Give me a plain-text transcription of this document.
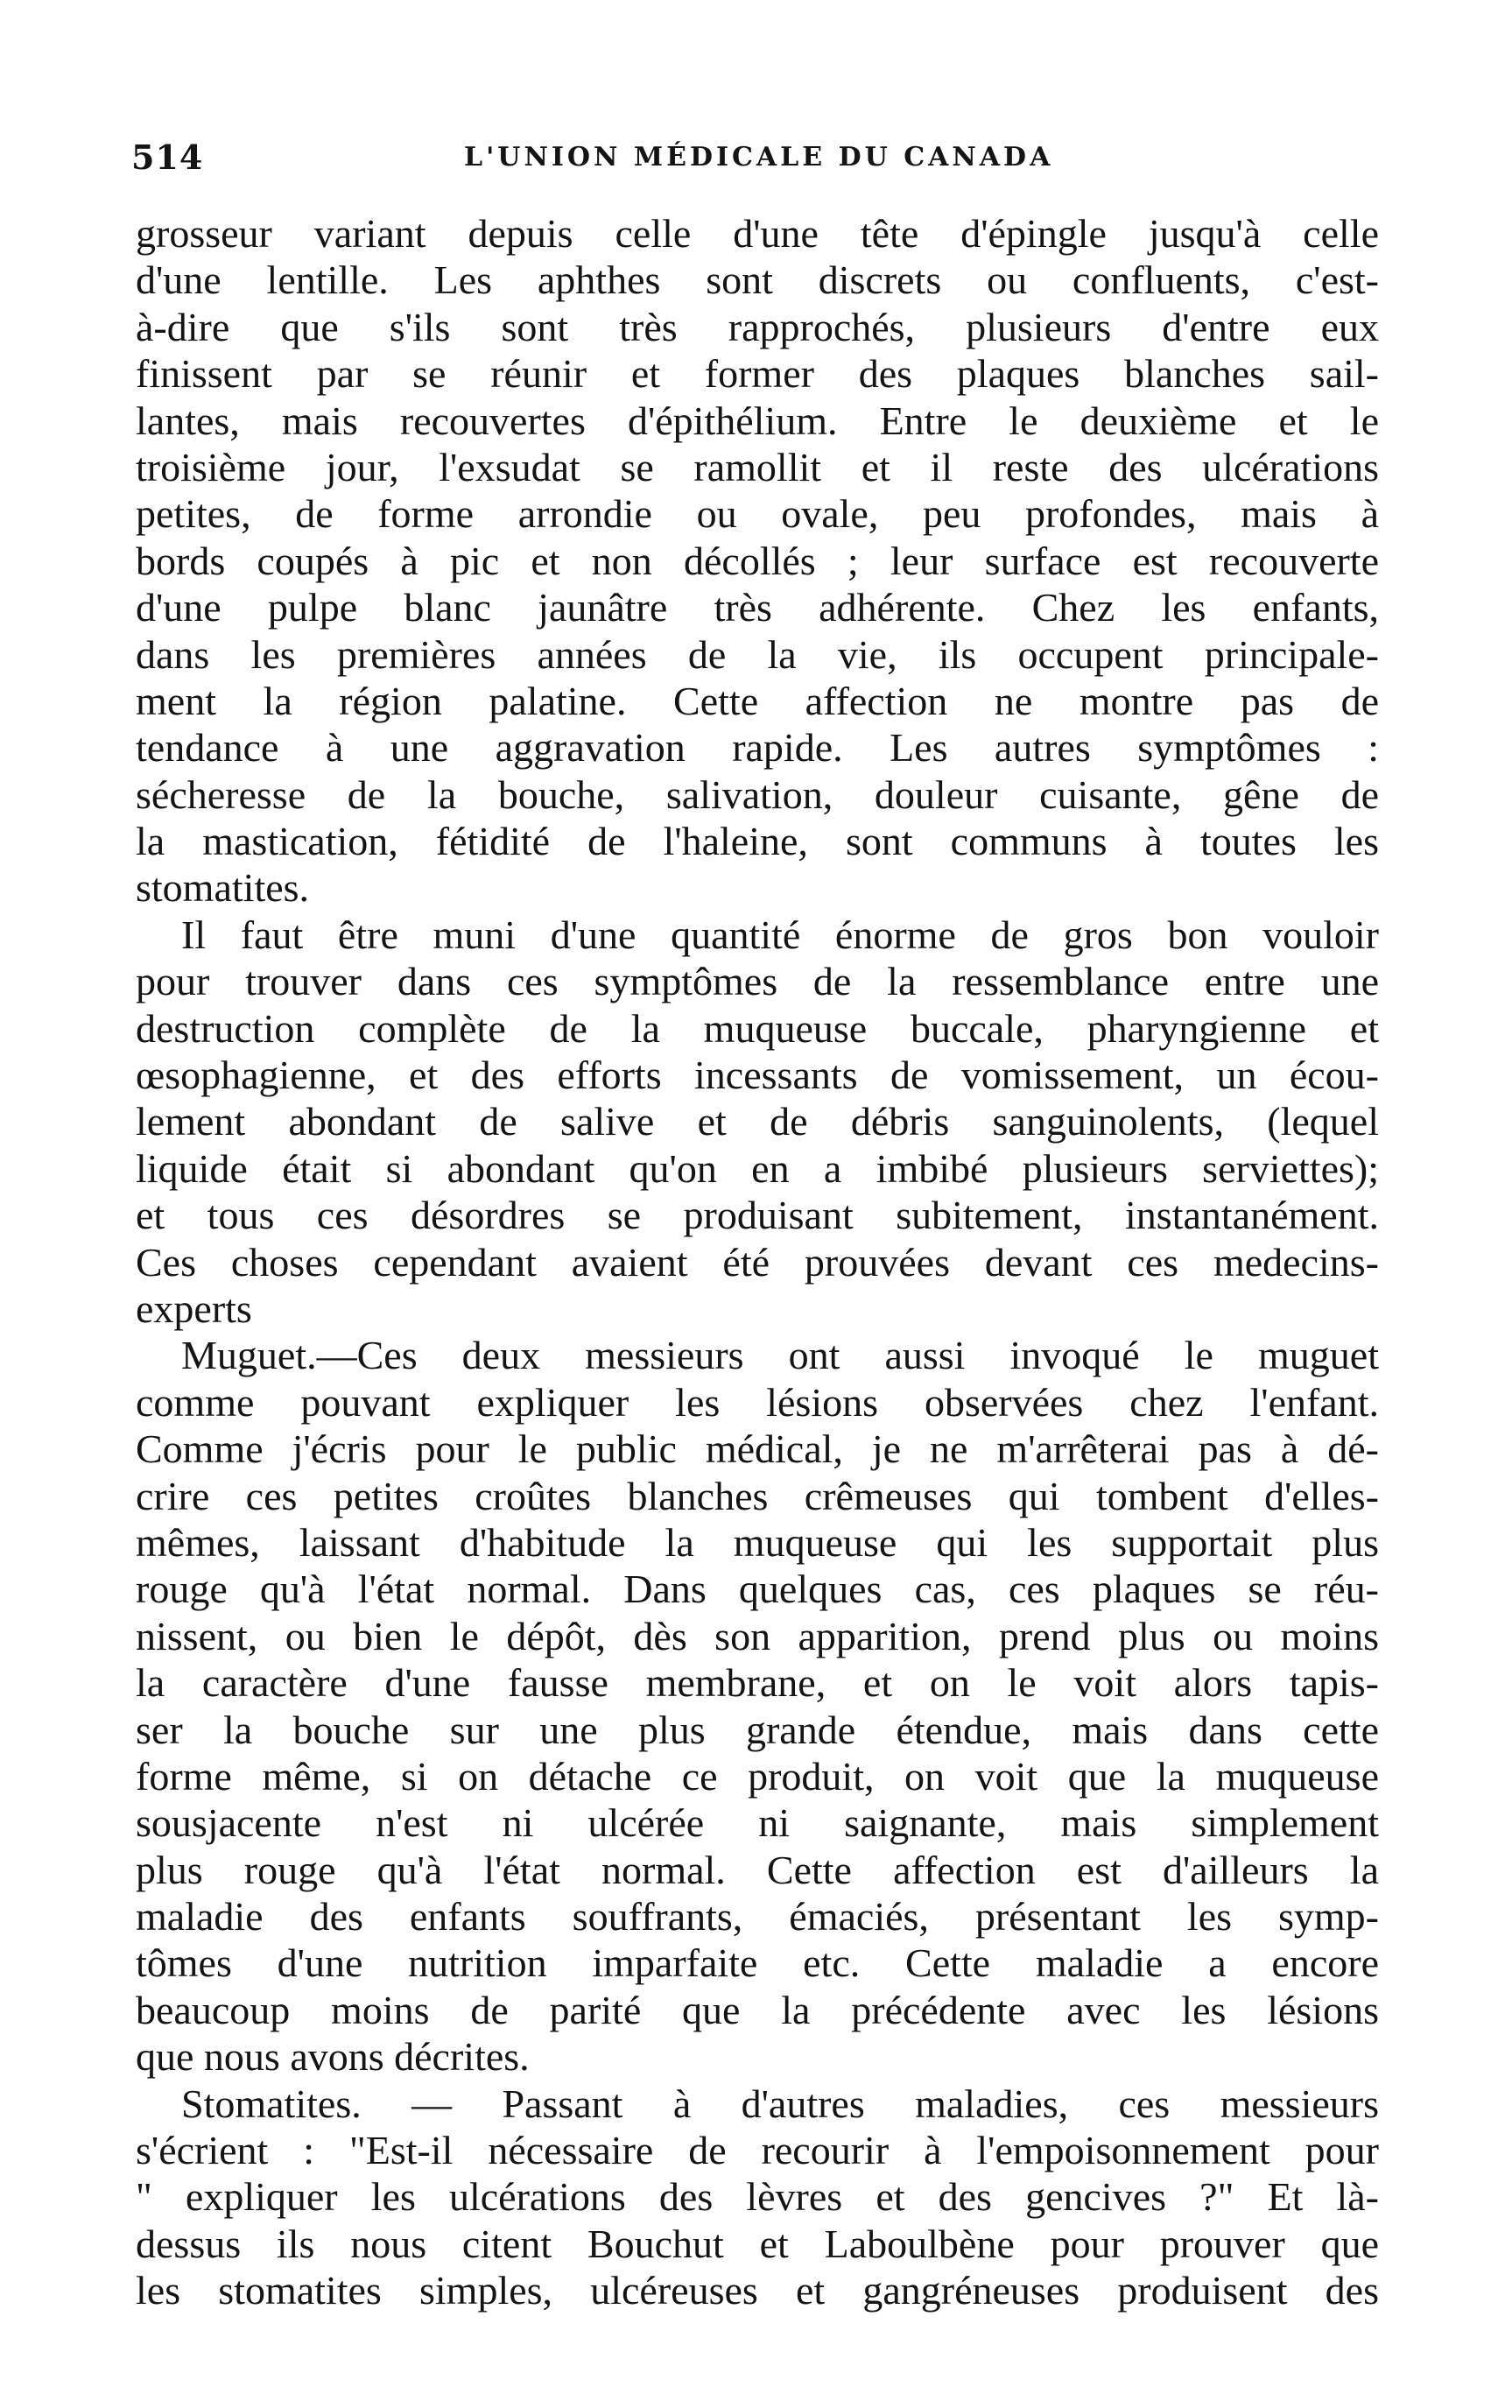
514	L'UNION MÉDICALE DU CANADA
grosseur variant depuis celle d'une tête d'épingle jusqu'à celle
d'une lentille. Les aphthes sont discrets ou confluents, c'est-
à-dire que s'ils sont très rapprochés, plusieurs d'entre eux
finissent par se réunir et former des plaques blanches sail-
lantes, mais recouvertes d'épithélium. Entre le deuxième et le
troisième jour, l'exsudat se ramollit et il reste des ulcérations
petites, de forme arrondie ou ovale, peu profondes, mais à
bords coupés à pic et non décollés ; leur surface est recouverte
d'une pulpe blanc jaunâtre très adhérente. Chez les enfants,
dans les premières années de la vie, ils occupent principale-
ment la région palatine. Cette affection ne montre pas de
tendance à une aggravation rapide. Les autres symptômes :
sécheresse de la bouche, salivation, douleur cuisante, gêne de
la mastication, fétidité de l'haleine, sont communs à toutes les
stomatites.
Il faut être muni d'une quantité énorme de gros bon vouloir
pour trouver dans ces symptômes de la ressemblance entre une
destruction complète de la muqueuse buccale, pharyngienne et
œsophagienne, et des efforts incessants de vomissement, un écou-
lement abondant de salive et de débris sanguinolents, (lequel
liquide était si abondant qu'on en a imbibé plusieurs serviettes);
et tous ces désordres se produisant subitement, instantanément.
Ces choses cependant avaient été prouvées devant ces medecins-
experts
Muguet.—Ces deux messieurs ont aussi invoqué le muguet
comme pouvant expliquer les lésions observées chez l'enfant.
Comme j'écris pour le public médical, je ne m'arrêterai pas à dé-
crire ces petites croûtes blanches crêmeuses qui tombent d'elles-
mêmes, laissant d'habitude la muqueuse qui les supportait plus
rouge qu'à l'état normal. Dans quelques cas, ces plaques se réu-
nissent, ou bien le dépôt, dès son apparition, prend plus ou moins
la caractère d'une fausse membrane, et on le voit alors tapis-
ser la bouche sur une plus grande étendue, mais dans cette
forme même, si on détache ce produit, on voit que la muqueuse
sousjacente n'est ni ulcérée ni saignante, mais simplement
plus rouge qu'à l'état normal. Cette affection est d'ailleurs la
maladie des enfants souffrants, émaciés, présentant les symp-
tômes d'une nutrition imparfaite etc. Cette maladie a encore
beaucoup moins de parité que la précédente avec les lésions
que nous avons décrites.
Stomatites. — Passant à d'autres maladies, ces messieurs
s'écrient : "Est-il nécessaire de recourir à l'empoisonnement pour
" expliquer les ulcérations des lèvres et des gencives ?" Et là-
dessus ils nous citent Bouchut et Laboulbène pour prouver que
les stomatites simples, ulcéreuses et gangréneuses produisent des
